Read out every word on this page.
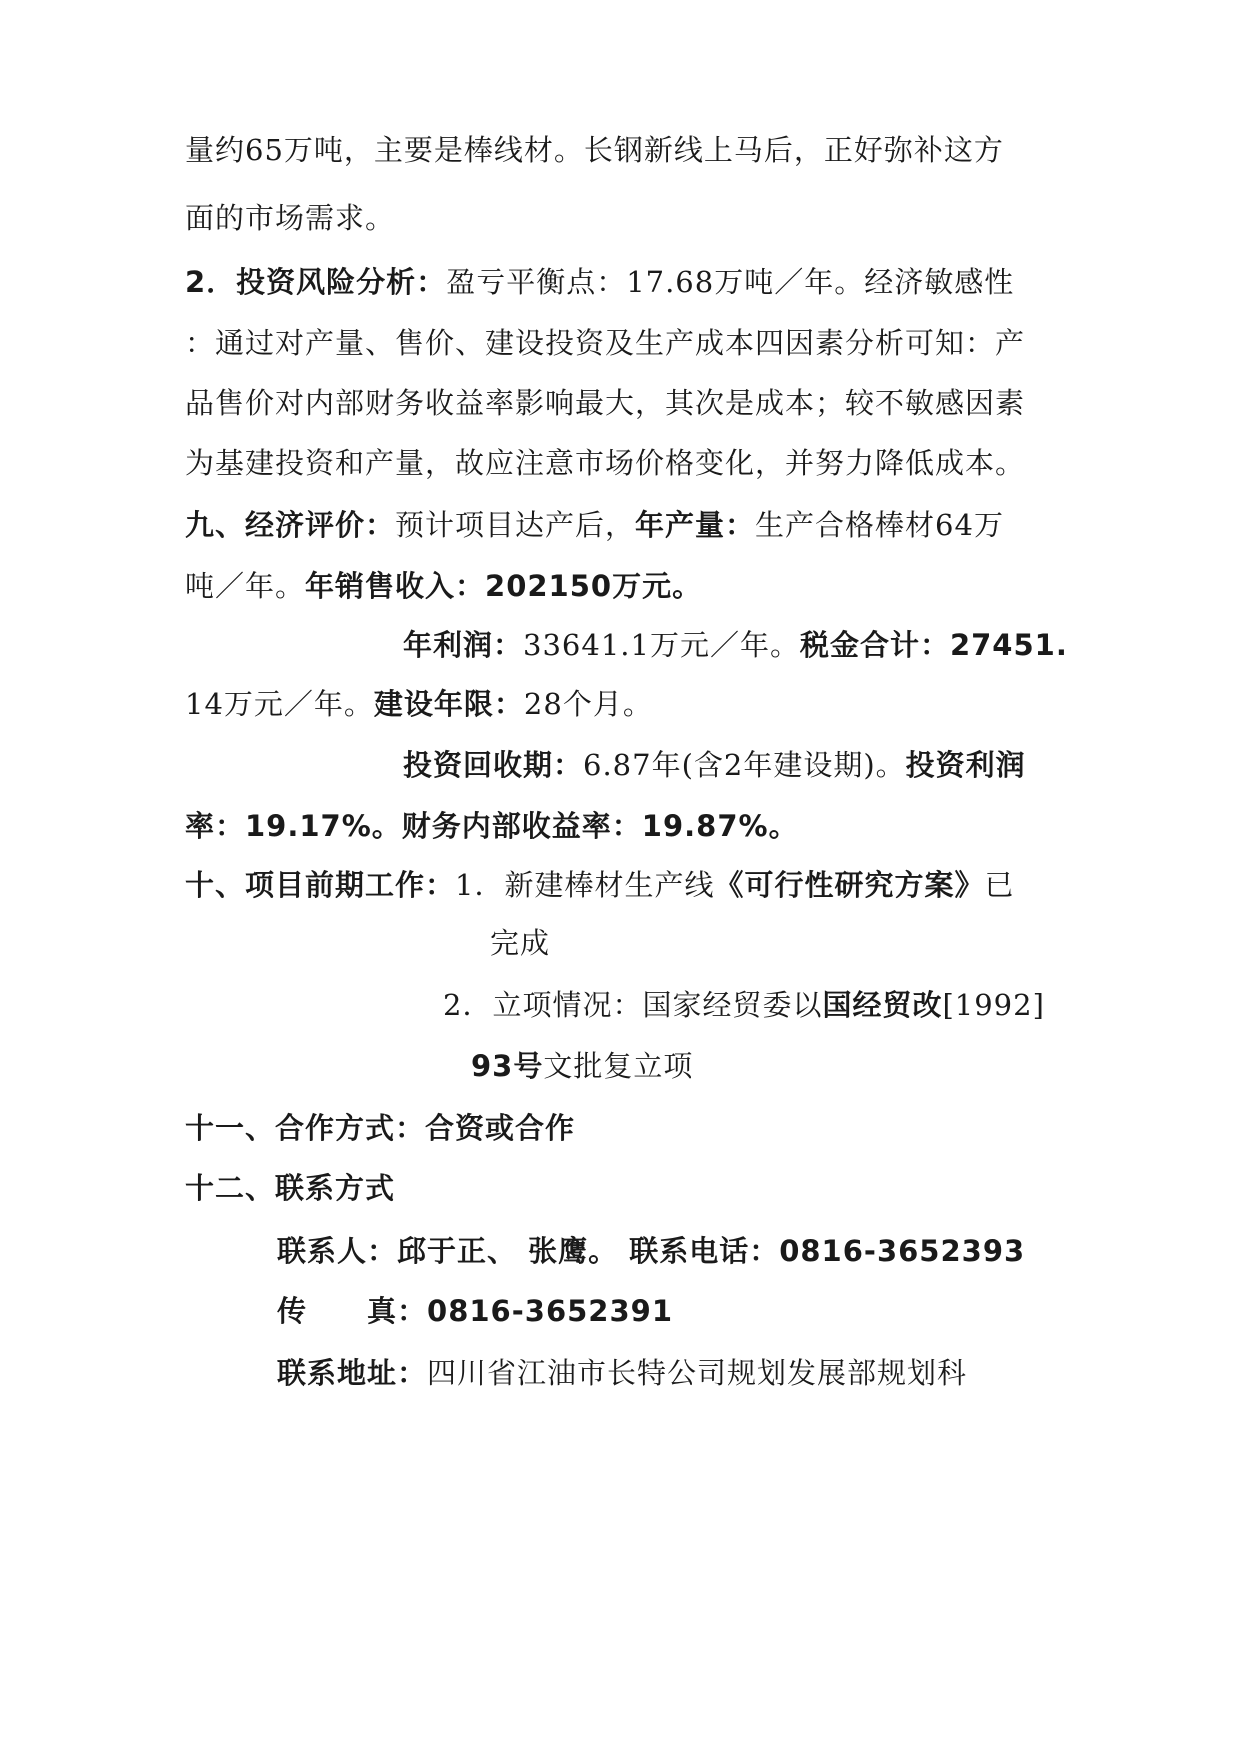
量约65万吨，主要是棒线材。长钢新线上马后，正好弥补这方
面的市场需求。
2．投资风险分析：盈亏平衡点：17.68万吨／年。经济敏感性
：通过对产量、售价、建设投资及生产成本四因素分析可知：产
品售价对内部财务收益率影响最大，其次是成本；较不敏感因素
为基建投资和产量，故应注意市场价格变化，并努力降低成本。
九、经济评价：预计项目达产后，年产量：生产合格棒材64万
吨／年。年销售收入：202150万元。
年利润：33641.1万元／年。税金合计：27451.
14万元／年。建设年限：28个月。
投资回收期：6.87年(含2年建设期)。投资利润
率：19.17%。财务内部收益率：19.87%。
十、项目前期工作：1．新建棒材生产线《可行性研究方案》已
完成
2．立项情况：国家经贸委以国经贸改[1992]
93号文批复立项
十一、合作方式：合资或合作
十二、联系方式
联系人：邱于正、 张鹰。 联系电话：0816-3652393
传　　真：0816-3652391
联系地址：四川省江油市长特公司规划发展部规划科
